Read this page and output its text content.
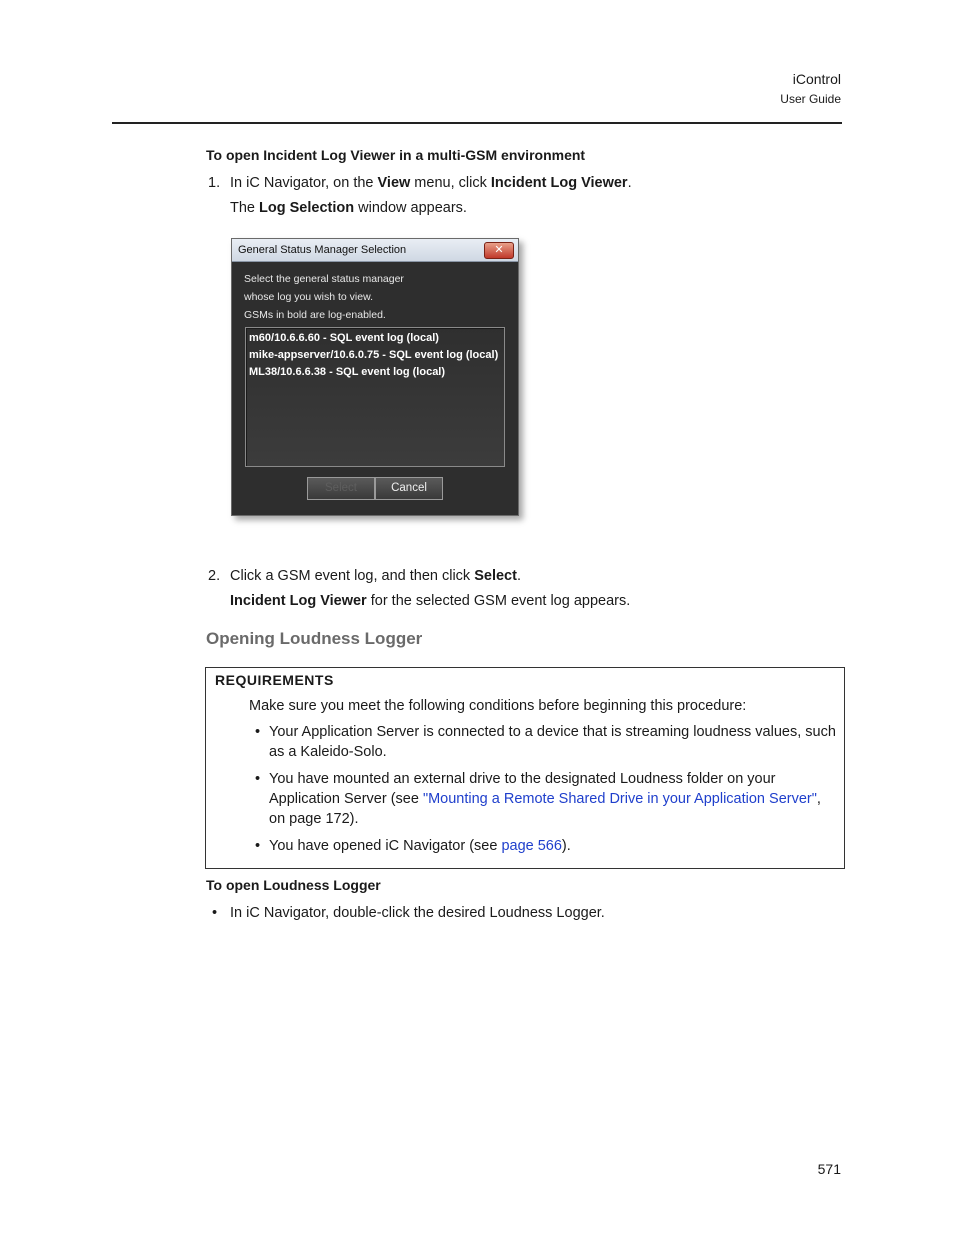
iControl
User Guide
To open Incident Log Viewer in a multi-GSM environment
1. In iC Navigator, on the View menu, click Incident Log Viewer.
The Log Selection window appears.
General Status Manager Selection	✕
Select the general status manager
whose log you wish to view.
GSMs in bold are log-enabled.
m60/10.6.6.60 - SQL event log (local)
mike-appserver/10.6.0.75 - SQL event log (local)
ML38/10.6.6.38 - SQL event log (local)
Select	Cancel
2. Click a GSM event log, and then click Select.
Incident Log Viewer for the selected GSM event log appears.
Opening Loudness Logger
REQUIREMENTS
Make sure you meet the following conditions before beginning this procedure:
• Your Application Server is connected to a device that is streaming loudness values, such as a Kaleido-Solo.
• You have mounted an external drive to the designated Loudness folder on your Application Server (see "Mounting a Remote Shared Drive in your Application Server", on page 172).
• You have opened iC Navigator (see page 566).
To open Loudness Logger
• In iC Navigator, double-click the desired Loudness Logger.
571
